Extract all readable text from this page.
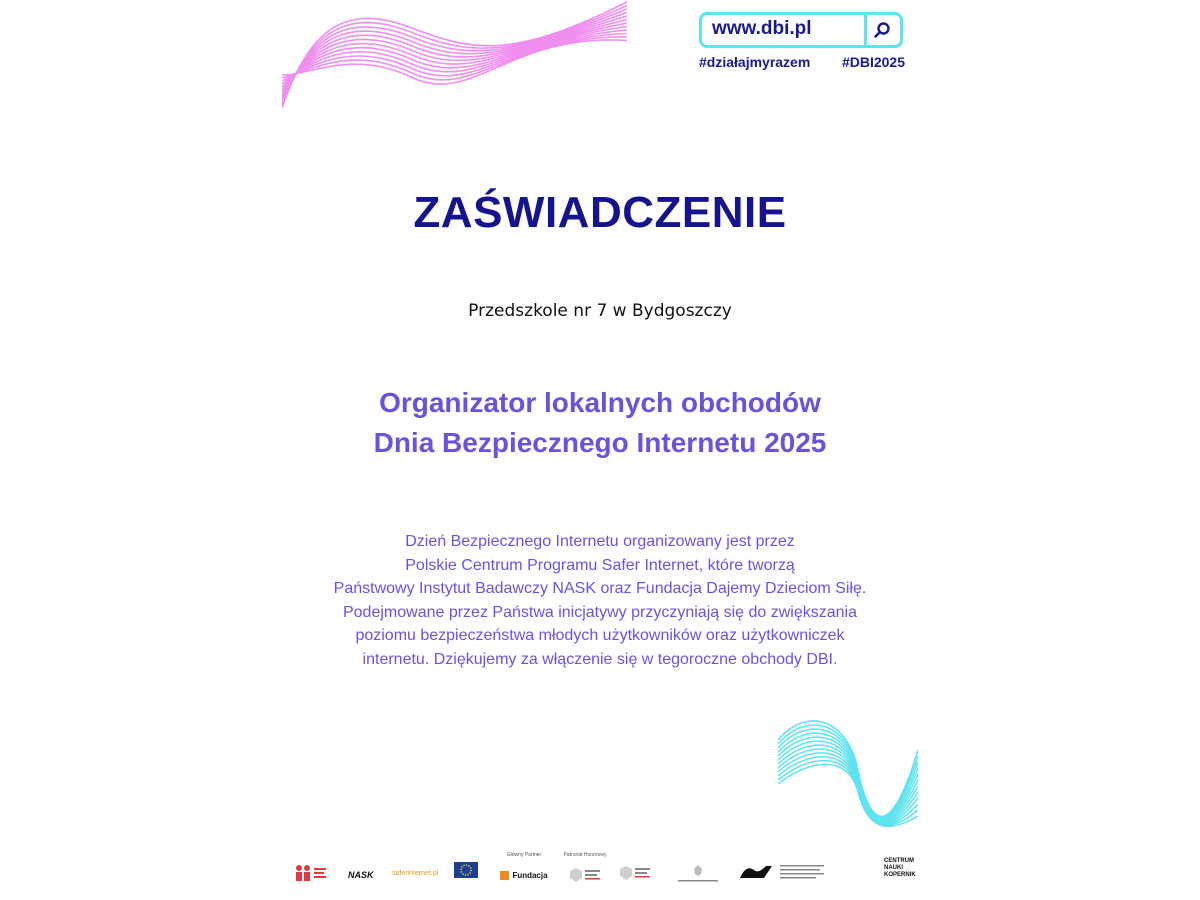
www.dbi.pl
#działajmyrazem #DBI2025
ZAŚWIADCZENIE
Przedszkole nr 7 w Bydgoszczy
Organizator lokalnych obchodów
Dnia Bezpiecznego Internetu 2025
Dzień Bezpiecznego Internetu organizowany jest przez
Polskie Centrum Programu Safer Internet, które tworzą
Państwowy Instytut Badawczy NASK oraz Fundacja Dajemy Dzieciom Siłę.
Podejmowane przez Państwa inicjatywy przyczyniają się do zwiększania
poziomu bezpieczeństwa młodych użytkowników oraz użytkowniczek
internetu. Dziękujemy za włączenie się w tegoroczne obchody DBI.
NASK	saferinternet.pl
Główny Partner
Fundacja
Patronat Honorowy
CENTRUM
NAUKI
KOPERNIK
